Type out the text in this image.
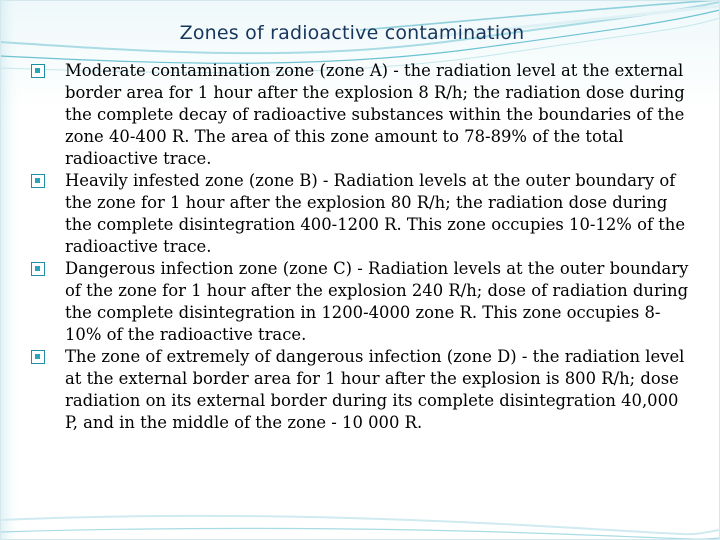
Zones of radioactive contamination
Moderate contamination zone (zone A) - the radiation level at the external border area for 1 hour after the explosion 8 R/h; the radiation dose during the complete decay of radioactive substances within the boundaries of the zone 40-400 R. The area of this zone amount to 78-89% of the total radioactive trace.
Heavily infested zone (zone B) - Radiation levels at the outer boundary of the zone for 1 hour after the explosion 80 R/h; the radiation dose during the complete disintegration 400-1200 R. This zone occupies 10-12% of the radioactive trace.
Dangerous infection zone (zone C) - Radiation levels at the outer boundary of the zone for 1 hour after the explosion 240 R/h; dose of radiation during the complete disintegration in 1200-4000 zone R. This zone occupies 8-10% of the radioactive trace.
The zone of extremely of dangerous infection (zone D) - the radiation level at the external border area for 1 hour after the explosion is 800 R/h; dose radiation on its external border during its complete disintegration 40,000 P, and in the middle of the zone - 10 000 R.
